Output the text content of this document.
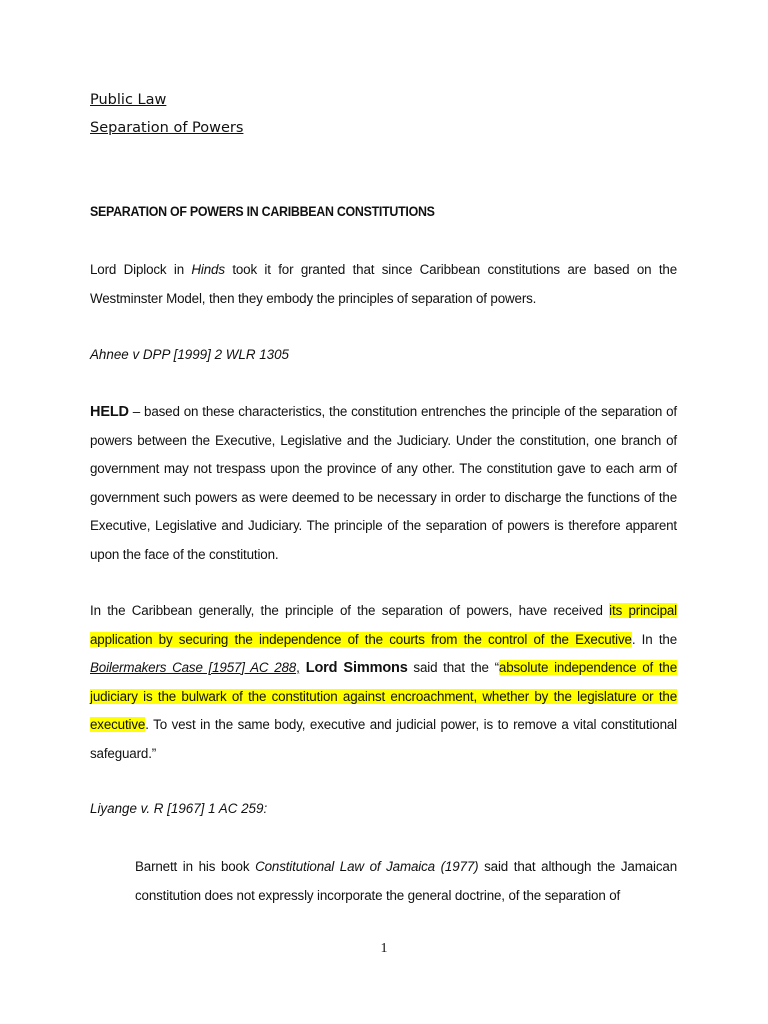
Public Law
Separation of Powers
SEPARATION OF POWERS IN CARIBBEAN CONSTITUTIONS
Lord Diplock in Hinds took it for granted that since Caribbean constitutions are based on the Westminster Model, then they embody the principles of separation of powers.
Ahnee v DPP [1999] 2 WLR 1305
HELD – based on these characteristics, the constitution entrenches the principle of the separation of powers between the Executive, Legislative and the Judiciary. Under the constitution, one branch of government may not trespass upon the province of any other. The constitution gave to each arm of government such powers as were deemed to be necessary in order to discharge the functions of the Executive, Legislative and Judiciary. The principle of the separation of powers is therefore apparent upon the face of the constitution.
In the Caribbean generally, the principle of the separation of powers, have received its principal application by securing the independence of the courts from the control of the Executive. In the Boilermakers Case [1957] AC 288, Lord Simmons said that the “absolute independence of the judiciary is the bulwark of the constitution against encroachment, whether by the legislature or the executive. To vest in the same body, executive and judicial power, is to remove a vital constitutional safeguard.”
Liyange v. R [1967] 1 AC 259:
Barnett in his book Constitutional Law of Jamaica (1977) said that although the Jamaican constitution does not expressly incorporate the general doctrine, of the separation of
1
